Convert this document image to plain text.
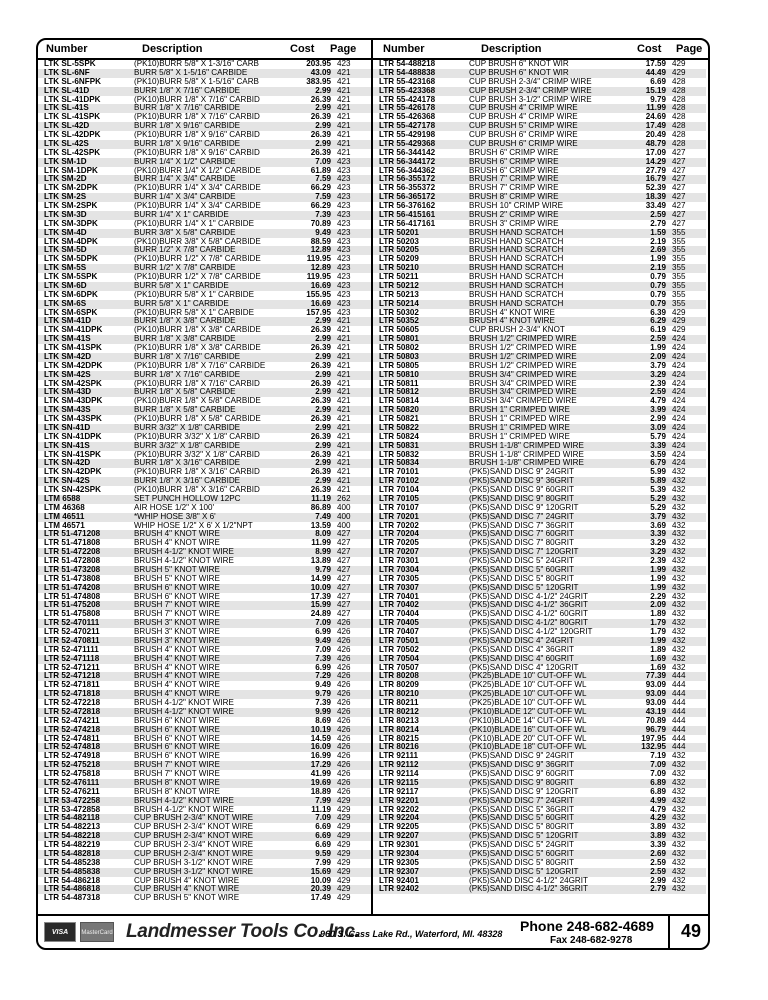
Number	Description	Cost Page Number	Description	Cost Page
LTK SL-5SPK	(PK10)BURR 5/8" X 1-3/16" CARB	203.95 423
LTK SL-6NF	BURR 5/8" X 1-5/16" CARBIDE	43.09 421
LTK SL-6NFPK	(PK10)BURR 5/8" X 1-5/16" CARB	383.95 421
LTK SL-41D	BURR 1/8" X 7/16" CARBIDE	2.99 421
LTK SL-41DPK	(PK10)BURR 1/8" X 7/16" CARBID	26.39 421
LTK SL-41S	BURR 1/8" X 7/16" CARBIDE	2.99 421
LTK SL-41SPK	(PK10)BURR 1/8" X 7/16" CARBID	26.39 421
LTK SL-42D	BURR 1/8" X 9/16" CARBIDE	2.99 421
LTK SL-42DPK	(PK10)BURR 1/8" X 9/16" CARBID	26.39 421
LTK SL-42S	BURR 1/8" X 9/16" CARBIDE	2.99 421
LTK SL-42SPK	(PK10)BURR 1/8" X 9/16" CARBID	26.39 421
LTK SM-1D	BURR 1/4" X 1/2" CARBIDE	7.09 423
LTK SM-1DPK	(PK10)BURR 1/4" X 1/2" CARBIDE	61.89 423
LTK SM-2D	BURR 1/4" X 3/4" CARBIDE	7.59 423
LTK SM-2DPK	(PK10)BURR 1/4" X 3/4" CARBIDE	66.29 423
LTK SM-2S	BURR 1/4" X 3/4" CARBIDE	7.59 423
LTK SM-2SPK	(PK10)BURR 1/4" X 3/4" CARBIDE	66.29 423
LTK SM-3D	BURR 1/4" X 1" CARBIDE	7.39 423
LTK SM-3DPK	(PK10)BURR 1/4" X 1" CARBIDE	70.89 423
LTK SM-4D	BURR 3/8" X 5/8" CARBIDE	9.49 423
LTK SM-4DPK	(PK10)BURR 3/8" X 5/8" CARBIDE	88.59 423
LTK SM-5D	BURR 1/2" X 7/8" CARBIDE	12.89 423
LTK SM-5DPK	(PK10)BURR 1/2" X 7/8" CARBIDE	119.95 423
LTK SM-5S	BURR 1/2" X 7/8" CARBIDE	12.89 423
LTK SM-5SPK	(PK10)BURR 1/2" X 7/8" CARBIDE	119.95 423
LTK SM-6D	BURR 5/8" X 1" CARBIDE	16.69 423
LTK SM-6DPK	(PK10)BURR 5/8" X 1" CARBIDE	155.95 423
LTK SM-6S	BURR 5/8" X 1" CARBIDE	16.69 423
LTK SM-6SPK	(PK10)BURR 5/8" X 1" CARBIDE	157.95 423
LTK SM-41D	BURR 1/8" X 3/8" CARBIDE	2.99 421
LTK SM-41DPK	(PK10)BURR 1/8" X 3/8" CARBIDE	26.39 421
LTK SM-41S	BURR 1/8" X 3/8" CARBIDE	2.99 421
LTK SM-41SPK	(PK10)BURR 1/8" X 3/8" CARBIDE	26.39 421
LTK SM-42D	BURR 1/8" X 7/16" CARBIDE	2.99 421
LTK SM-42DPK	(PK10)BURR 1/8" X 7/16" CARBIDE	26.39 421
LTK SM-42S	BURR 1/8" X 7/16" CARBIDE	2.99 421
LTK SM-42SPK	(PK10)BURR 1/8" X 7/16" CARBID	26.39 421
LTK SM-43D	BURR 1/8" X 5/8" CARBIDE	2.99 421
LTK SM-43DPK	(PK10)BURR 1/8" X 5/8" CARBIDE	26.39 421
LTK SM-43S	BURR 1/8" X 5/8" CARBIDE	2.99 421
LTK SM-43SPK	(PK10)BURR 1/8" X 5/8" CARBIDE	26.39 421
LTK SN-41D	BURR 3/32" X 1/8" CARBIDE	2.99 421
LTK SN-41DPK	(PK10)BURR 3/32" X 1/8" CARBID	26.39 421
LTK SN-41S	BURR 3/32" X 1/8" CARBIDE	2.99 421
LTK SN-41SPK	(PK10)BURR 3/32" X 1/8" CARBID	26.39 421
LTK SN-42D	BURR 1/8" X 3/16" CARBIDE	2.99 421
LTK SN-42DPK	(PK10)BURR 1/8" X 3/16" CARBID	26.39 421
LTK SN-42S	BURR 1/8" X 3/16" CARBIDE	2.99 421
LTK SN-42SPK	(PK10)BURR 1/8" X 3/16" CARBID	26.39 421
LTM 6588	SET PUNCH HOLLOW 12PC	11.19 262
LTM 46368	AIR HOSE 1/2" X 100'	86.89 400
LTM 46511	*WHIP HOSE 3/8" X 6'	7.49 400
LTM 46571	WHIP HOSE 1/2" X 6' X 1/2"NPT	13.59 400
LTR 51-471208	BRUSH 4" KNOT WIRE	8.09 427
LTR 51-471808	BRUSH 4" KNOT WIRE	11.99 427
LTR 51-472208	BRUSH 4-1/2" KNOT WIRE	8.99 427
LTR 51-472808	BRUSH 4-1/2" KNOT WIRE	13.89 427
LTR 51-473208	BRUSH 5" KNOT WIRE	9.79 427
LTR 51-473808	BRUSH 5" KNOT WIRE	14.99 427
LTR 51-474208	BRUSH 6" KNOT WIRE	10.09 427
LTR 51-474808	BRUSH 6" KNOT WIRE	17.39 427
LTR 51-475208	BRUSH 7" KNOT WIRE	15.99 427
LTR 51-475808	BRUSH 7" KNOT WIRE	24.89 427
LTR 52-470111	BRUSH 3" KNOT WIRE	7.09 426
LTR 52-470211	BRUSH 3" KNOT WIRE	6.99 426
LTR 52-470811	BRUSH 3" KNOT WIRE	9.49 426
LTR 52-471111	BRUSH 4" KNOT WIRE	7.09 426
LTR 52-471118	BRUSH 4" KNOT WIRE	7.39 426
LTR 52-471211	BRUSH 4" KNOT WIRE	6.99 426
LTR 52-471218	BRUSH 4" KNOT WIRE	7.29 426
LTR 52-471811	BRUSH 4" KNOT WIRE	9.49 426
LTR 52-471818	BRUSH 4" KNOT WIRE	9.79 426
LTR 52-472218	BRUSH 4-1/2" KNOT WIRE	7.39 426
LTR 52-472818	BRUSH 4-1/2" KNOT WIRE	9.99 426
LTR 52-474211	BRUSH 6" KNOT WIRE	8.69 426
LTR 52-474218	BRUSH 6" KNOT WIRE	10.19 426
LTR 52-474811	BRUSH 6" KNOT WIRE	14.59 426
LTR 52-474818	BRUSH 6" KNOT WIRE	16.09 426
LTR 52-474918	BRUSH 6" KNOT WIRE	16.99 426
LTR 52-475218	BRUSH 7" KNOT WIRE	17.29 426
LTR 52-475818	BRUSH 7" KNOT WIRE	41.99 426
LTR 52-476111	BRUSH 8" KNOT WIRE	19.69 426
LTR 52-476211	BRUSH 8" KNOT WIRE	18.89 426
LTR 53-472258	BRUSH 4-1/2" KNOT WIRE	7.99 429
LTR 53-472858	BRUSH 4-1/2" KNOT WIRE	11.19 429
LTR 54-482118	CUP BRUSH 2-3/4" KNOT WIRE	7.09 429
LTR 54-482213	CUP BRUSH 2-3/4" KNOT WIRE	6.69 429
LTR 54-482218	CUP BRUSH 2-3/4" KNOT WIRE	6.69 429
LTR 54-482219	CUP BRUSH 2-3/4" KNOT WIRE	6.69 429
LTR 54-482818	CUP BRUSH 2-3/4" KNOT WIRE	9.59 429
LTR 54-485238	CUP BRUSH 3-1/2" KNOT WIRE	7.99 429
LTR 54-485838	CUP BRUSH 3-1/2" KNOT WIRE	15.69 429
LTR 54-486218	CUP BRUSH 4" KNOT WIRE	10.09 429
LTR 54-486818	CUP BRUSH 4" KNOT WIRE	20.39 429
LTR 54-487318	CUP BRUSH 5" KNOT WIRE	17.49 429
LTR 54-488218	CUP BRUSH 6" KNOT WIR	17.59 429
LTR 54-488838	CUP BRUSH 6" KNOT WIR	44.49 429
LTR 55-423168	CUP BRUSH 2-3/4" CRIMP WIRE	6.69 428
LTR 55-423368	CUP BRUSH 2-3/4" CRIMP WIRE	15.19 428
LTR 55-424178	CUP BRUSH 3-1/2" CRIMP WIRE	9.79 428
LTR 55-426178	CUP BRUSH 4" CRIMP WIRE	11.99 428
LTR 55-426368	CUP BRUSH 4" CRIMP WIRE	24.69 428
LTR 55-427178	CUP BRUSH 5" CRIMP WIRE	17.49 428
LTR 55-429198	CUP BRUSH 6" CRIMP WIRE	20.49 428
LTR 55-429368	CUP BRUSH 6" CRIMP WIRE	48.79 428
LTR 56-344142	BRUSH 6" CRIMP WIRE	17.09 427
LTR 56-344172	BRUSH 6" CRIMP WIRE	14.29 427
LTR 56-344362	BRUSH 6" CRIMP WIRE	27.79 427
LTR 56-355172	BRUSH 7" CRIMP WIRE	16.79 427
LTR 56-355372	BRUSH 7" CRIMP WIRE	52.39 427
LTR 56-365172	BRUSH 8" CRIMP WIRE	18.39 427
LTR 56-376162	BRUSH 10" CRIMP WIRE	33.49 427
LTR 56-415161	BRUSH 2" CRIMP WIRE	2.59 427
LTR 56-417161	BRUSH 3" CRIMP WIRE	2.79 427
LTR 50201	BRUSH HAND SCRATCH	1.59 355
LTR 50203	BRUSH HAND SCRATCH	2.19 355
LTR 50205	BRUSH HAND SCRATCH	2.69 355
LTR 50209	BRUSH HAND SCRATCH	1.99 355
LTR 50210	BRUSH HAND SCRATCH	2.19 355
LTR 50211	BRUSH HAND SCRATCH	0.79 355
LTR 50212	BRUSH HAND SCRATCH	0.79 355
LTR 50213	BRUSH HAND SCRATCH	0.79 355
LTR 50214	BRUSH HAND SCRATCH	0.79 355
LTR 50302	BRUSH 4" KNOT WIRE	6.39 429
LTR 50352	BRUSH 4" KNOT WIRE	6.29 429
LTR 50605	CUP BRUSH 2-3/4" KNOT	6.19 429
LTR 50801	BRUSH 1/2" CRIMPED WIRE	2.59 424
LTR 50802	BRUSH 1/2" CRIMPED WIRE	1.99 424
LTR 50803	BRUSH 1/2" CRIMPED WIRE	2.09 424
LTR 50805	BRUSH 1/2" CRIMPED WIRE	3.79 424
LTR 50810	BRUSH 3/4" CRIMPED WIRE	3.29 424
LTR 50811	BRUSH 3/4" CRIMPED WIRE	2.39 424
LTR 50812	BRUSH 3/4" CRIMPED WIRE	2.59 424
LTR 50814	BRUSH 3/4" CRIMPED WIRE	4.79 424
LTR 50820	BRUSH 1" CRIMPED WIRE	3.99 424
LTR 50821	BRUSH 1" CRIMPED WIRE	2.99 424
LTR 50822	BRUSH 1" CRIMPED WIRE	3.09 424
LTR 50824	BRUSH 1" CRIMPED WIRE	5.79 424
LTR 50831	BRUSH 1-1/8" CRIMPED WIRE	3.39 424
LTR 50832	BRUSH 1-1/8" CRIMPED WIRE	3.59 424
LTR 50834	BRUSH 1-1/8" CRIMPED WIRE	6.79 424
LTR 70101	(PK5)SAND DISC 9" 24GRIT	5.99 432
LTR 70102	(PK5)SAND DISC 9" 36GRIT	5.89 432
LTR 70104	(PK5)SAND DISC 9" 60GRIT	5.39 432
LTR 70105	(PK5)SAND DISC 9" 80GRIT	5.29 432
LTR 70107	(PK5)SAND DISC 9" 120GRIT	5.29 432
LTR 70201	(PK5)SAND DISC 7" 24GRIT	3.79 432
LTR 70202	(PK5)SAND DISC 7" 36GRIT	3.69 432
LTR 70204	(PK5)SAND DISC 7" 60GRIT	3.39 432
LTR 70205	(PK5)SAND DISC 7" 80GRIT	3.29 432
LTR 70207	(PK5)SAND DISC 7" 120GRIT	3.29 432
LTR 70301	(PK5)SAND DISC 5" 24GRIT	2.39 432
LTR 70304	(PK5)SAND DISC 5" 60GRIT	1.99 432
LTR 70305	(PK5)SAND DISC 5" 80GRIT	1.99 432
LTR 70307	(PK5)SAND DISC 5" 120GRIT	1.99 432
LTR 70401	(PK5)SAND DISC 4-1/2" 24GRIT	2.29 432
LTR 70402	(PK5)SAND DISC 4-1/2" 36GRIT	2.09 432
LTR 70404	(PK5)SAND DISC 4-1/2" 60GRIT	1.89 432
LTR 70405	(PK5)SAND DISC 4-1/2" 80GRIT	1.79 432
LTR 70407	(PK5)SAND DISC 4-1/2" 120GRIT	1.79 432
LTR 70501	(PK5)SAND DISC 4" 24GRIT	1.99 432
LTR 70502	(PK5)SAND DISC 4" 36GRIT	1.89 432
LTR 70504	(PK5)SAND DISC 4" 60GRIT	1.69 432
LTR 70507	(PK5)SAND DISC 4" 120GRIT	1.69 432
LTR 80208	(PK25)BLADE 10" CUT-OFF WL	77.39 444
LTR 80209	(PK25)BLADE 10" CUT-OFF WL	93.09 444
LTR 80210	(PK25)BLADE 10" CUT-OFF WL	93.09 444
LTR 80211	(PK25)BLADE 10" CUT-OFF WL	93.09 444
LTR 80212	(PK10)BLADE 12" CUT-OFF WL	43.19 444
LTR 80213	(PK10)BLADE 14" CUT-OFF WL	70.89 444
LTR 80214	(PK10)BLADE 16" CUT-OFF WL	96.79 444
LTR 80215	(PK10)BLADE 20" CUT-OFF WL	197.95 444
LTR 80216	(PK10)BLADE 18" CUT-OFF WL	132.95 444
LTR 92111	(PK5)SAND DISC 9" 24GRIT	7.19 432
LTR 92112	(PK5)SAND DISC 9" 36GRIT	7.09 432
LTR 92114	(PK5)SAND DISC 9" 60GRIT	7.09 432
LTR 92115	(PK5)SAND DISC 9" 80GRIT	6.89 432
LTR 92117	(PK5)SAND DISC 9" 120GRIT	6.89 432
LTR 92201	(PK5)SAND DISC 7" 24GRIT	4.99 432
LTR 92202	(PK5)SAND DISC 5" 36GRIT	4.79 432
LTR 92204	(PK5)SAND DISC 5" 60GRIT	4.29 432
LTR 92205	(PK5)SAND DISC 5" 80GRIT	3.89 432
LTR 92207	(PK5)SAND DISC 5" 120GRIT	3.89 432
LTR 92301	(PK5)SAND DISC 5" 24GRIT	3.39 432
LTR 92304	(PK5)SAND DISC 5" 60GRIT	2.69 432
LTR 92305	(PK5)SAND DISC 5" 80GRIT	2.59 432
LTR 92307	(PK5)SAND DISC 5" 120GRIT	2.59 432
LTR 92401	(PK5)SAND DISC 4-1/2" 24GRIT	2.99 432
LTR 92402	(PK5)SAND DISC 4-1/2" 36GRIT	2.79 432
VISA	MasterCard Landmesser Tools Co. Inc.
960 S. Cass Lake Rd., Waterford, MI. 48328 Phone 248-682-4689
Fax 248-682-9278	49
